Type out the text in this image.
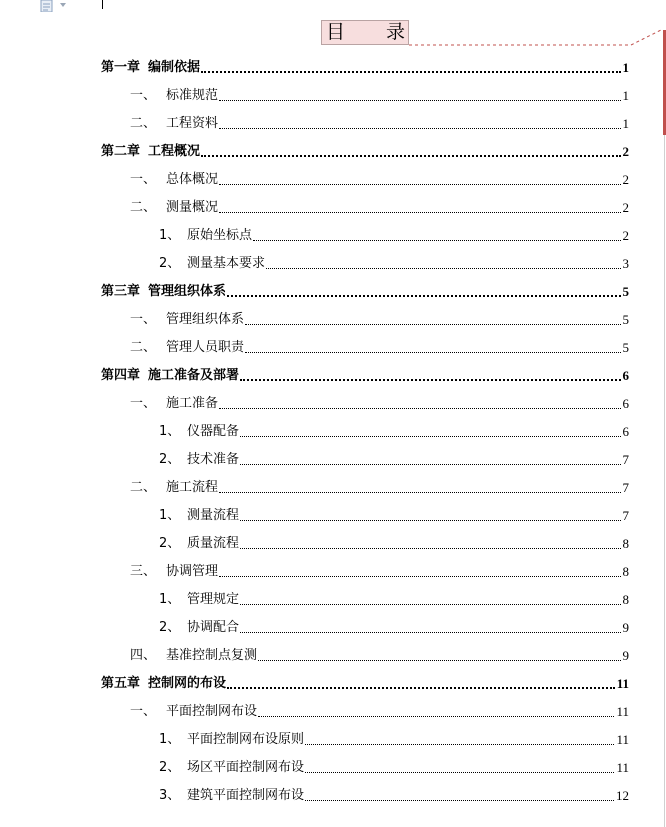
目 录
第一章 编制依据	1
一、 标准规范	1
二、 工程资料	1
第二章 工程概况	2
一、 总体概况	2
二、 测量概况	2
1、 原始坐标点	2
2、 测量基本要求	3
第三章 管理组织体系	5
一、 管理组织体系	5
二、 管理人员职责	5
第四章 施工准备及部署	6
一、 施工准备	6
1、 仪器配备	6
2、 技术准备	7
二、 施工流程	7
1、 测量流程	7
2、 质量流程	8
三、 协调管理	8
1、 管理规定	8
2、 协调配合	9
四、 基准控制点复测	9
第五章 控制网的布设	11
一、 平面控制网布设	11
1、 平面控制网布设原则	11
2、 场区平面控制网布设	11
3、 建筑平面控制网布设	12
